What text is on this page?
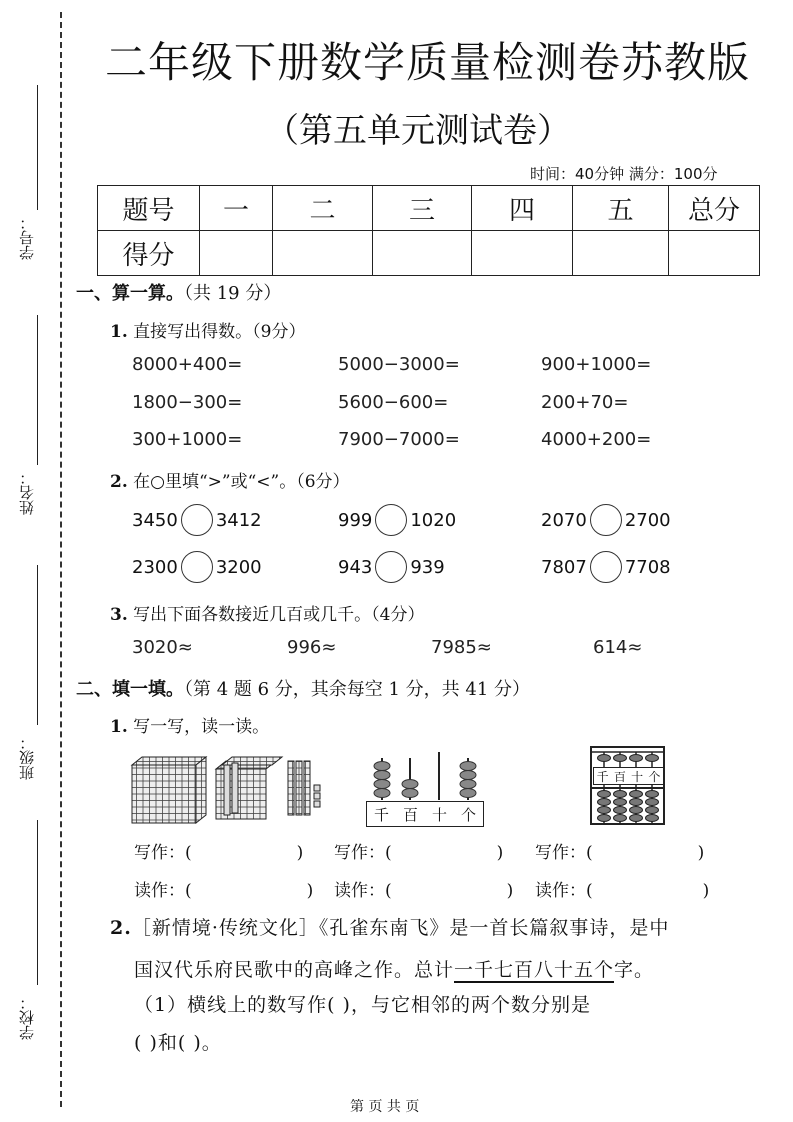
学号：
姓名：
班级：
学校：
二年级下册数学质量检测卷苏教版
（第五单元测试卷）
时间：40分钟 满分：100分
题号	一	二	三	四	五	总分
得分						
一、算一算。（共 19 分）
1. 直接写出得数。（9分）
8000+400=	5000−3000=	900+1000=
1800−300=	5600−600=	200+70=
300+1000=	7900−7000=	4000+200=
2. 在○里填“>”或“<”。（6分）
3450 3412	999 1020	2070 2700
2300 3200	943 939	7807 7708
3. 写出下面各数接近几百或几千。（4分）
3020≈	996≈	7985≈	614≈
二、填一填。（第 4 题 6 分，其余每空 1 分，共 41 分）
1. 写一写，读一读。
千 百 十 个
千 百 十 个
写作：(	) 写作：(	) 写作：(	)
读作：(	) 读作：(	) 读作：(	)
2.［新情境·传统文化］《孔雀东南飞》是一首长篇叙事诗，是中
国汉代乐府民歌中的高峰之作。总计一千七百八十五个字。
（1）横线上的数写作( )，与它相邻的两个数分别是
( )和( )。
第 页 共 页
